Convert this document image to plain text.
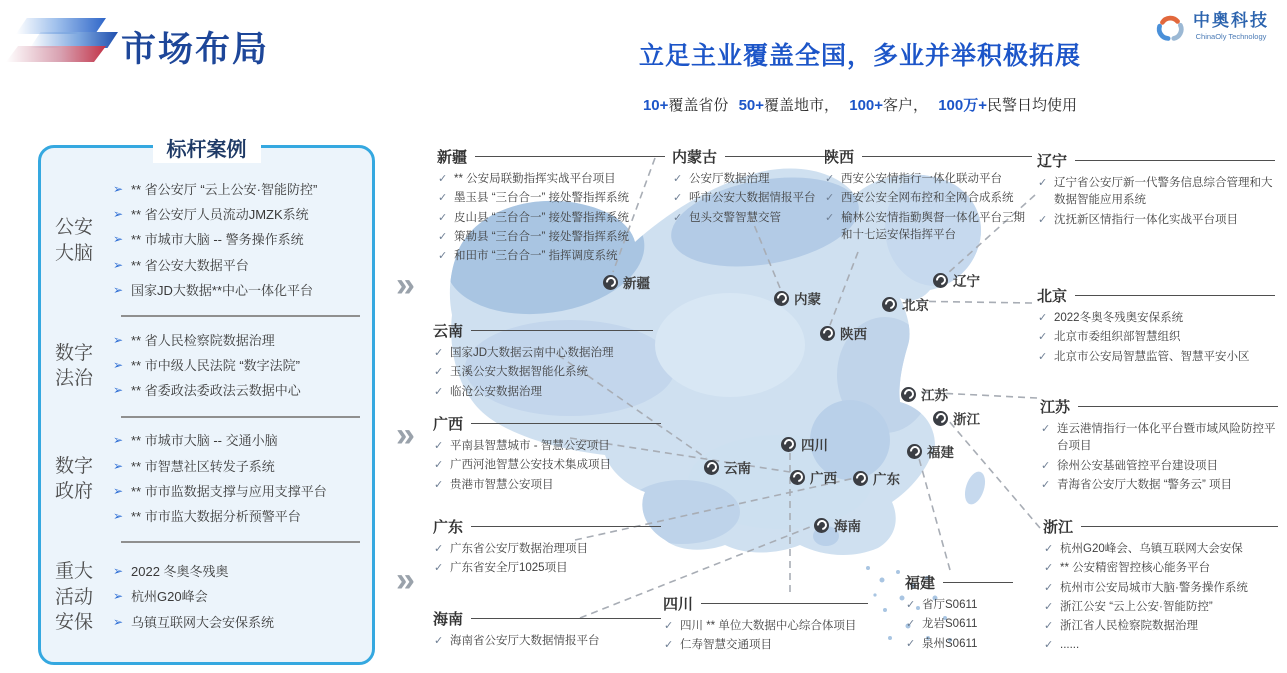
市场布局	立足主业覆盖全国，多业并举积极拓展
10+覆盖省份 50+覆盖地市， 100+客户， 100万+民警日均使用
中奥科技
ChinaOly Technology
标杆案例
公安大脑
➢ ** 省公安厅 “云上公安·智能防控”
➢ ** 省公安厅人员流动JMZK系统
➢ ** 市城市大脑 -- 警务操作系统
➢ ** 省公安大数据平台
➢ 国家JD大数据**中心一体化平台
数字法治
➢ ** 省人民检察院数据治理
➢ ** 市中级人民法院 “数字法院”
➢ ** 省委政法委政法云数据中心
数字政府
➢ ** 市城市大脑 -- 交通小脑
➢ ** 市智慧社区转发子系统
➢ ** 市市监数据支撑与应用支撑平台
➢ ** 市市监大数据分析预警平台
重大活动安保
➢ 2022 冬奥冬残奥
➢ 杭州G20峰会
➢ 乌镇互联网大会安保系统
»
»
»
新疆
内蒙
辽宁
北京
陕西
江苏
浙江
四川
云南
广西	广东
福建
海南
新疆
✓ ** 公安局联勤指挥实战平台项目
✓ 墨玉县 “三台合一” 接处警指挥系统
✓ 皮山县 “三台合一” 接处警指挥系统
✓ 策勒县 “三台合一” 接处警指挥系统
✓ 和田市 “三台合一” 指挥调度系统
内蒙古
✓ 公安厅数据治理
✓ 呼市公安大数据情报平台
✓ 包头交警智慧交管
陕西
✓ 西安公安情指行一体化联动平台
✓ 西安公安全网布控和全网合成系统
✓ 榆林公安情指勤舆督一体化平台三期和十七运安保指挥平台
辽宁
✓ 辽宁省公安厅新一代警务信息综合管理和大数据智能应用系统
✓ 沈抚新区情指行一体化实战平台项目
北京
✓ 2022冬奥冬残奥安保系统
✓ 北京市委组织部智慧组织
✓ 北京市公安局智慧监管、智慧平安小区
云南
✓ 国家JD大数据云南中心数据治理
✓ 玉溪公安大数据智能化系统
✓ 临沧公安数据治理
江苏
✓ 连云港情指行一体化平台暨市域风险防控平台项目
✓ 徐州公安基础管控平台建设项目
✓ 青海省公安厅大数据 “警务云” 项目
广西
✓ 平南县智慧城市 - 智慧公安项目
✓ 广西河池智慧公安技术集成项目
✓ 贵港市智慧公安项目
广东
✓ 广东省公安厅数据治理项目
✓ 广东省安全厅1025项目
浙江
✓ 杭州G20峰会、乌镇互联网大会安保
✓ ** 公安精密智控核心能务平台
✓ 杭州市公安局城市大脑·警务操作系统
✓ 浙江公安 “云上公安·智能防控”
✓ 浙江省人民检察院数据治理
✓ ......
四川
✓ 四川 ** 单位大数据中心综合体项目
✓ 仁寿智慧交通项目
福建
✓ 省厅S0611
✓ 龙岩S0611
✓ 泉州S0611
海南
✓ 海南省公安厅大数据情报平台
